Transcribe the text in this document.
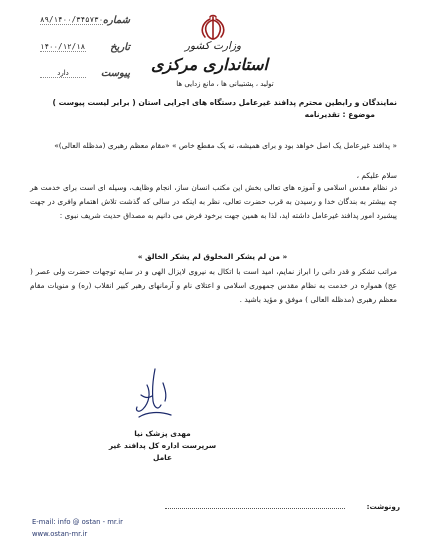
وزارت کشور
استانداری مرکزی
تولید ، پشتیبانی ها ، مانع زدایی ها
شماره
۸۹/۱۴۰۰/۳۴۵۷۳۰
تاریخ
۱۴۰۰/۱۲/۱۸
پیوست
دارد
نمایندگان و رابطین محترم پدافند غیرعامل دستگاه های اجرایی استان ( برابر لیست پیوست )
موضوع : تقدیرنامه
« پدافند غیرعامل یک اصل خواهد بود و برای همیشه، نه یک مقطع خاص » «مقام معظم رهبری (مدظله العالی)»
سلام علیکم ،
در نظام مقدس اسلامی و آموزه های تعالی بخش این مکتب انسان ساز، انجام وظایف، وسیله ای است برای خدمت هر چه بیشتر به بندگان خدا و رسیدن به قرب حضرت تعالی، نظر به اینکه در سالی که گذشت تلاش اهتمام وافری در جهت پیشبرد امور پدافند غیرعامل داشته اید، لذا به همین جهت برخود فرض می دانیم به مصداق حدیث شریف نبوی :
« من لم یشکر المخلوق لم یشکر الخالق »
مراتب تشکر و قدر دانی را ابراز نمایم، امید است با اتکال به نیروی لایزال الهی و در سایه توجهات حضرت ولی عصر ( عج) همواره در خدمت به نظام مقدس جمهوری اسلامی و اعتلای نام و آرمانهای رهبر کبیر انقلاب (ره) و منویات مقام معظم رهبری (مدظله العالی ) موفق و مؤید باشید .
مهدی پزشک نیا
سرپرست اداره کل پدافند غیر عامل
رونوشت:
E-mail: info @ ostan - mr.ir
www.ostan-mr.ir
